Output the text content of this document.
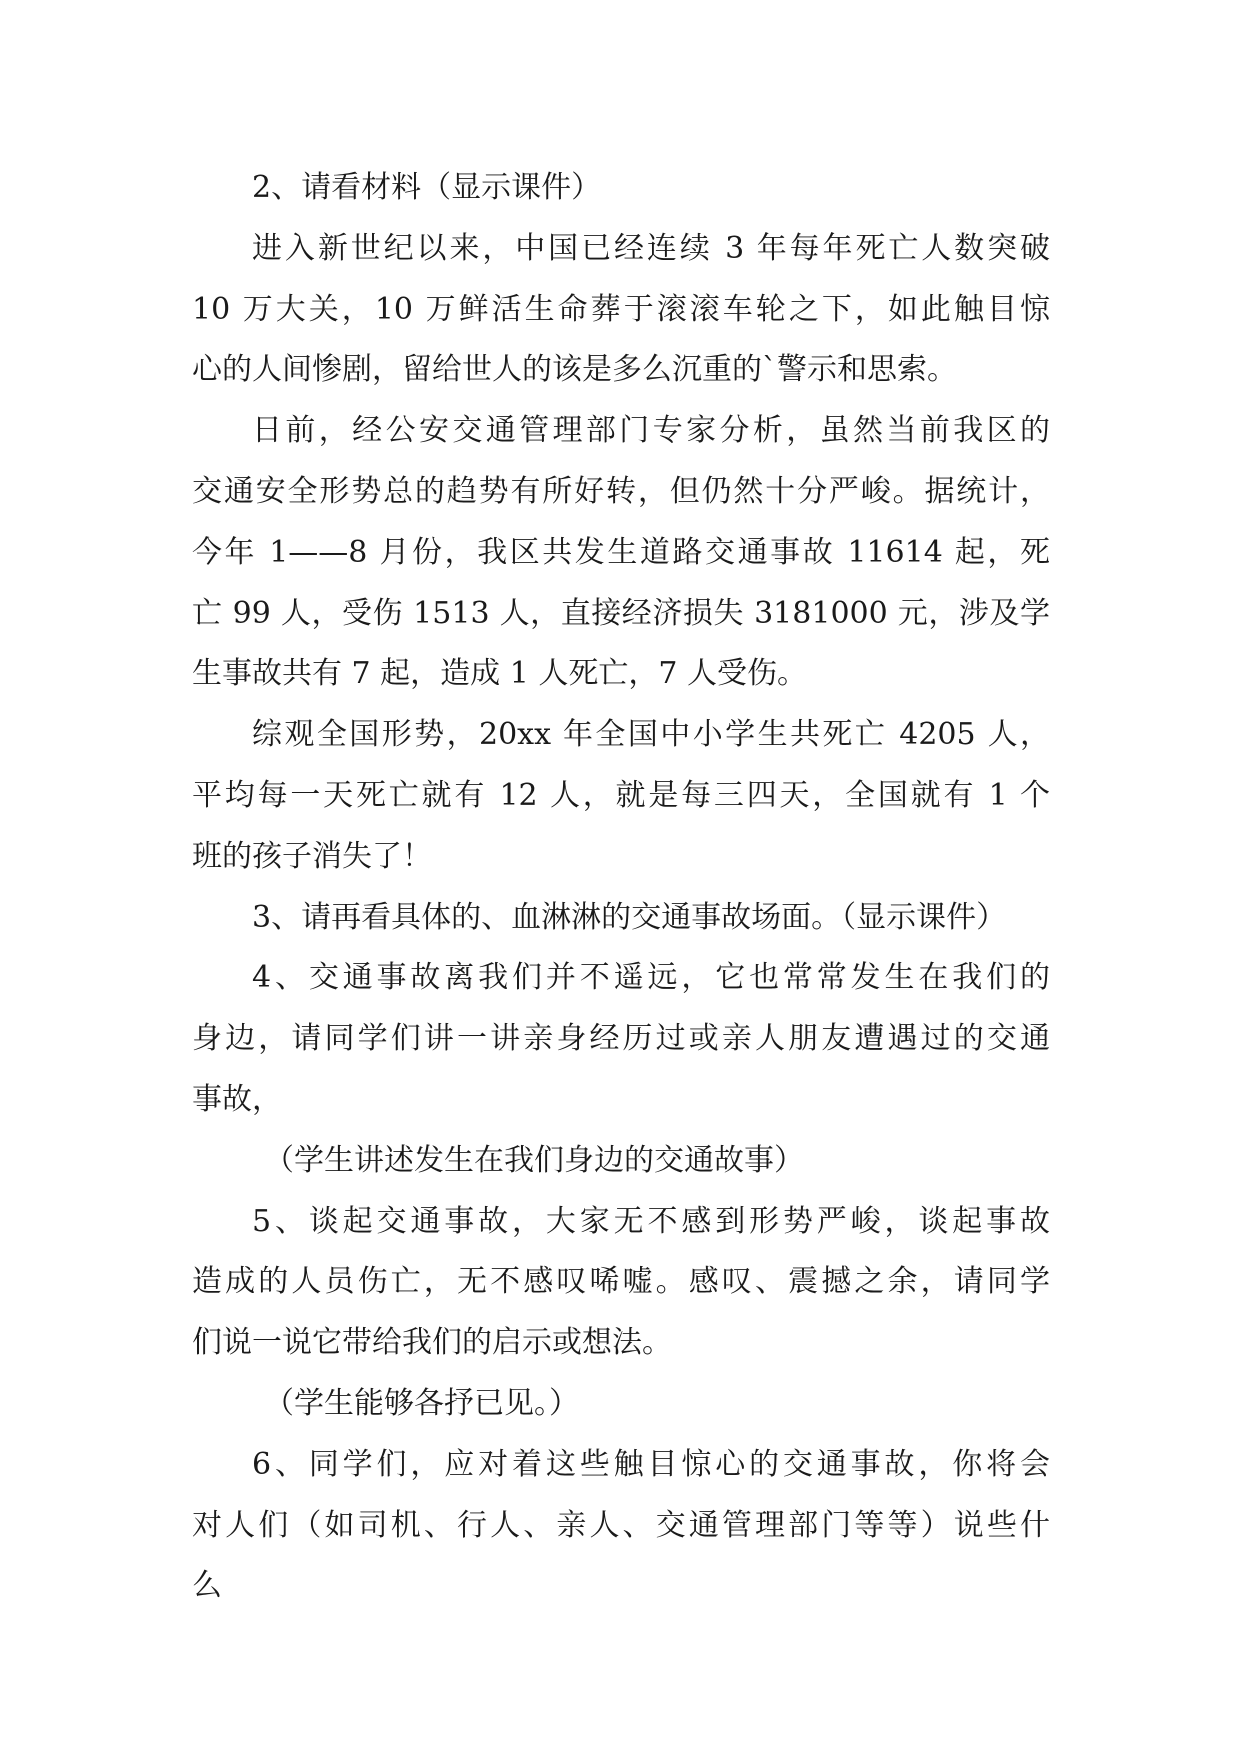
2、请看材料（显示课件）
进入新世纪以来，中国已经连续 3 年每年死亡人数突破
10 万大关，10 万鲜活生命葬于滚滚车轮之下，如此触目惊
心的人间惨剧，留给世人的该是多么沉重的`警示和思索。
日前，经公安交通管理部门专家分析，虽然当前我区的
交通安全形势总的趋势有所好转，但仍然十分严峻。据统计，
今年 1——8 月份，我区共发生道路交通事故 11614 起，死
亡 99 人，受伤 1513 人，直接经济损失 3181000 元，涉及学
生事故共有 7 起，造成 1 人死亡，7 人受伤。
综观全国形势，20xx 年全国中小学生共死亡 4205 人，
平均每一天死亡就有 12 人，就是每三四天，全国就有 1 个
班的孩子消失了！
3、请再看具体的、血淋淋的交通事故场面。（显示课件）
4、交通事故离我们并不遥远，它也常常发生在我们的
身边，请同学们讲一讲亲身经历过或亲人朋友遭遇过的交通
事故，
（学生讲述发生在我们身边的交通故事）
5、谈起交通事故，大家无不感到形势严峻，谈起事故
造成的人员伤亡，无不感叹唏嘘。感叹、震撼之余，请同学
们说一说它带给我们的启示或想法。
（学生能够各抒已见。）
6、同学们，应对着这些触目惊心的交通事故，你将会
对人们（如司机、行人、亲人、交通管理部门等等）说些什
么
